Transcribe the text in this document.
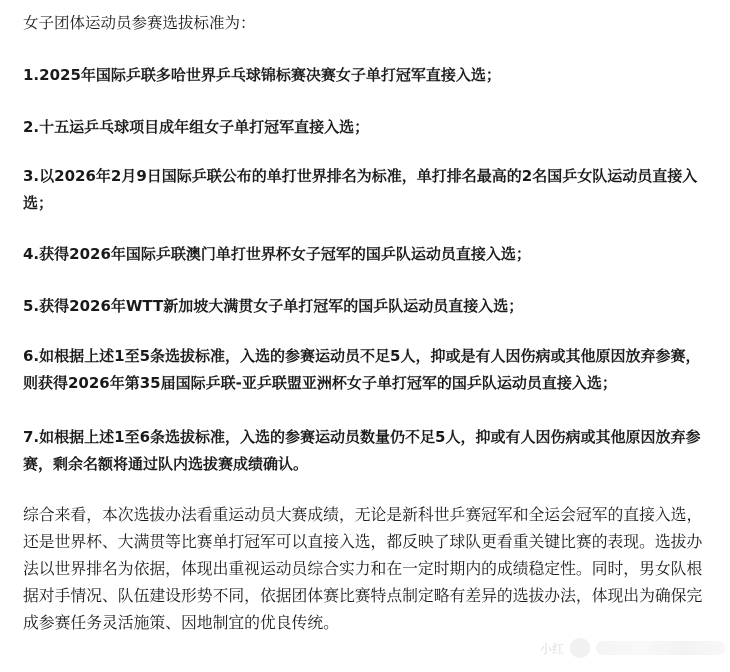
女子团体运动员参赛选拔标准为：

1.2025年国际乒联多哈世界乒乓球锦标赛决赛女子单打冠军直接入选；

2.十五运乒乓球项目成年组女子单打冠军直接入选；

3.以2026年2月9日国际乒联公布的单打世界排名为标准，单打排名最高的2名国乒女队运动员直接入选；

4.获得2026年国际乒联澳门单打世界杯女子冠军的国乒队运动员直接入选；

5.获得2026年WTT新加坡大满贯女子单打冠军的国乒队运动员直接入选；

6.如根据上述1至5条选拔标准，入选的参赛运动员不足5人，抑或是有人因伤病或其他原因放弃参赛，则获得2026年第35届国际乒联-亚乒联盟亚洲杯女子单打冠军的国乒队运动员直接入选；

7.如根据上述1至6条选拔标准，入选的参赛运动员数量仍不足5人，抑或有人因伤病或其他原因放弃参赛，剩余名额将通过队内选拔赛成绩确认。

综合来看，本次选拔办法看重运动员大赛成绩，无论是新科世乒赛冠军和全运会冠军的直接入选，还是世界杯、大满贯等比赛单打冠军可以直接入选，都反映了球队更看重关键比赛的表现。选拔办法以世界排名为依据，体现出重视运动员综合实力和在一定时期内的成绩稳定性。同时，男女队根据对手情况、队伍建设形势不同，依据团体赛比赛特点制定略有差异的选拔办法，体现出为确保完成参赛任务灵活施策、因地制宜的优良传统。

小红
